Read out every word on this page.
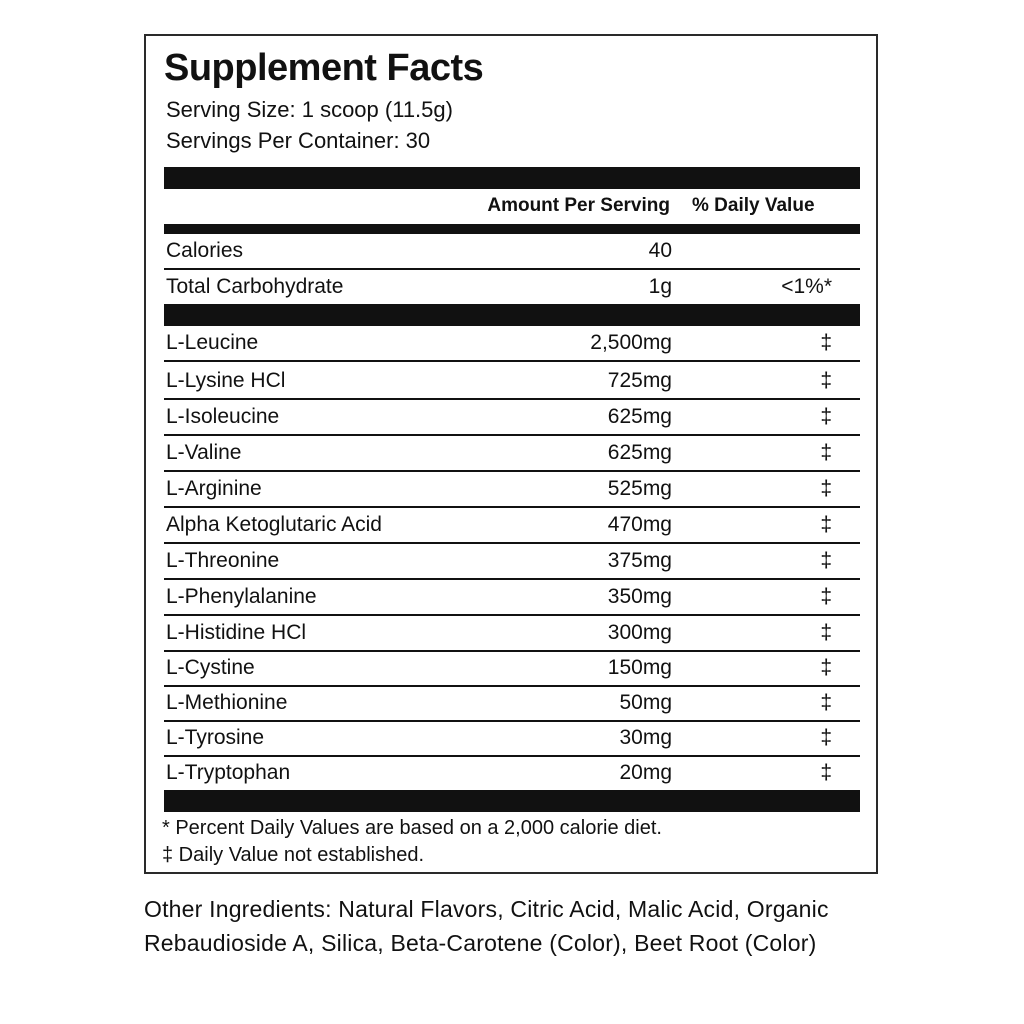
Supplement Facts
Serving Size: 1 scoop (11.5g)
Servings Per Container: 30
Amount Per Serving % Daily Value
Calories	40
Total Carbohydrate	1g	<1%*
L-Leucine	2,500mg	‡
L-Lysine HCl	725mg	‡
L-Isoleucine	625mg	‡
L-Valine	625mg	‡
L-Arginine	525mg	‡
Alpha Ketoglutaric Acid	470mg	‡
L-Threonine	375mg	‡
L-Phenylalanine	350mg	‡
L-Histidine HCl	300mg	‡
L-Cystine	150mg	‡
L-Methionine	50mg	‡
L-Tyrosine	30mg	‡
L-Tryptophan	20mg	‡
* Percent Daily Values are based on a 2,000 calorie diet.
‡ Daily Value not established.
Other Ingredients: Natural Flavors, Citric Acid, Malic Acid, Organic Rebaudioside A, Silica, Beta-Carotene (Color), Beet Root (Color)
